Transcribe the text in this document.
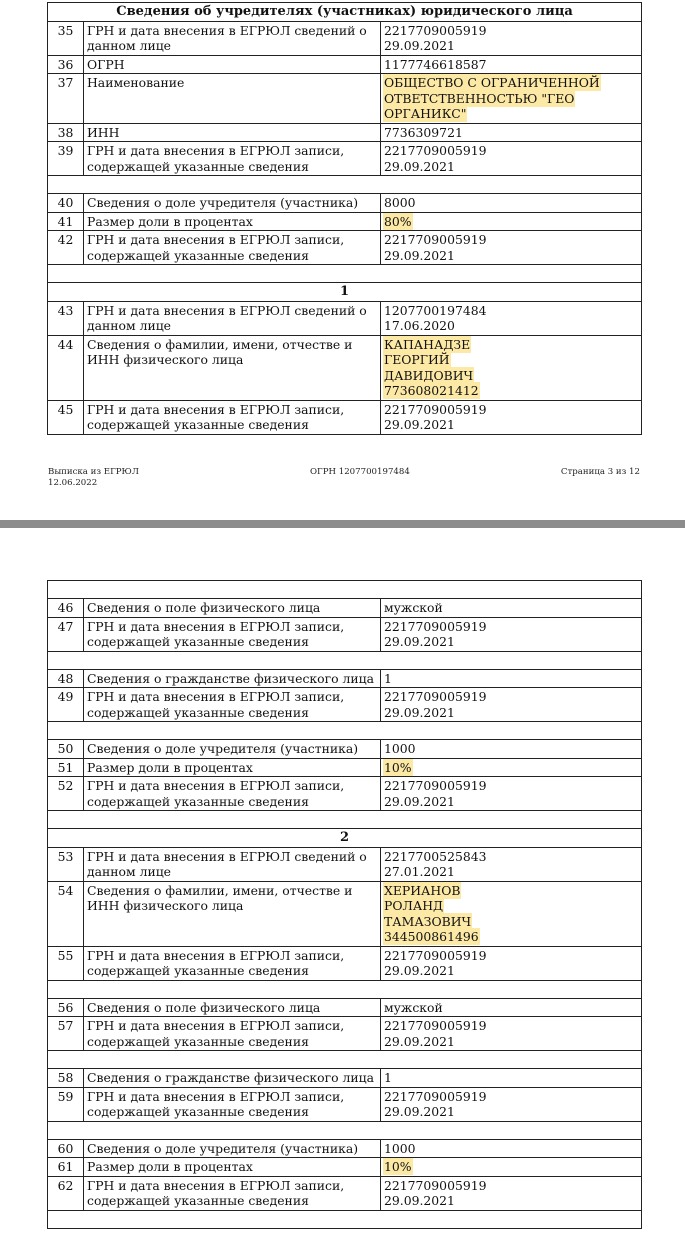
Сведения об учредителях (участниках) юридического лица		
35	ГРН и дата внесения в ЕГРЮЛ сведений о данном лице	2217709005919
29.09.2021

36	ОГРН	1177746618587

37	Наименование	ОБЩЕСТВО С ОГРАНИЧЕННОЙ
ОТВЕТСТВЕННОСТЬЮ "ГЕО
ОРГАНИКС"

38	ИНН	7736309721

39	ГРН и дата внесения в ЕГРЮЛ записи, содержащей указанные сведения	2217709005919
29.09.2021

40	Сведения о доле учредителя (участника)	8000

41	Размер доли в процентах	80%

42	ГРН и дата внесения в ЕГРЮЛ записи, содержащей указанные сведения	2217709005919
29.09.2021

1		
43	ГРН и дата внесения в ЕГРЮЛ сведений о данном лице	1207700197484
17.06.2020

44	Сведения о фамилии, имени, отчестве и ИНН физического лица	КАПАНАДЗЕ
ГЕОРГИЙ
ДАВИДОВИЧ
773608021412

45	ГРН и дата внесения в ЕГРЮЛ записи, содержащей указанные сведения	2217709005919
29.09.2021
Выписка из ЕГРЮЛ
12.06.2022
ОГРН 1207700197484	Страница 3 из 12

46	Сведения о поле физического лица	мужской

47	ГРН и дата внесения в ЕГРЮЛ записи, содержащей указанные сведения	2217709005919
29.09.2021

48	Сведения о гражданстве физического лица	1

49	ГРН и дата внесения в ЕГРЮЛ записи, содержащей указанные сведения	2217709005919
29.09.2021

50	Сведения о доле учредителя (участника)	1000

51	Размер доли в процентах	10%

52	ГРН и дата внесения в ЕГРЮЛ записи, содержащей указанные сведения	2217709005919
29.09.2021

2		
53	ГРН и дата внесения в ЕГРЮЛ сведений о данном лице	2217700525843
27.01.2021

54	Сведения о фамилии, имени, отчестве и ИНН физического лица	ХЕРИАНОВ
РОЛАНД
ТАМАЗОВИЧ
344500861496

55	ГРН и дата внесения в ЕГРЮЛ записи, содержащей указанные сведения	2217709005919
29.09.2021

56	Сведения о поле физического лица	мужской

57	ГРН и дата внесения в ЕГРЮЛ записи, содержащей указанные сведения	2217709005919
29.09.2021

58	Сведения о гражданстве физического лица	1

59	ГРН и дата внесения в ЕГРЮЛ записи, содержащей указанные сведения	2217709005919
29.09.2021

60	Сведения о доле учредителя (участника)	1000

61	Размер доли в процентах	10%

62	ГРН и дата внесения в ЕГРЮЛ записи, содержащей указанные сведения	2217709005919
29.09.2021
